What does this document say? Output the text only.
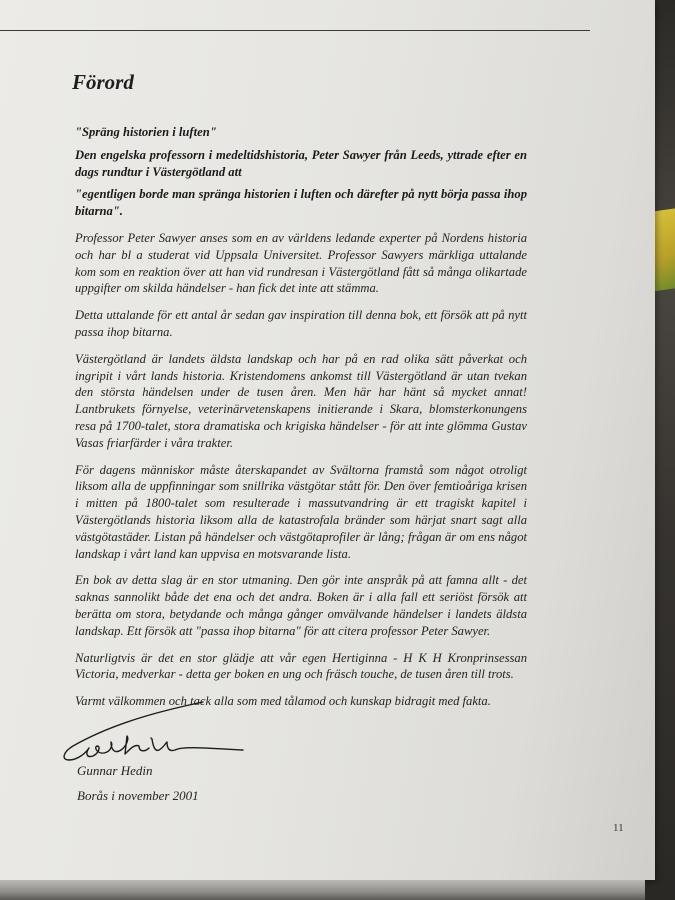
Förord

"Spräng historien i luften"

Den engelska professorn i medeltidshistoria, Peter Sawyer från Leeds, yttrade efter en dags rundtur i Västergötland att

"egentligen borde man spränga historien i luften och därefter på nytt börja passa ihop bitarna".

Professor Peter Sawyer anses som en av världens ledande experter på Nordens historia och har bl a studerat vid Uppsala Universitet. Professor Sawyers märkliga uttalande kom som en reaktion över att han vid rundresan i Västergötland fått så många olikartade uppgifter om skilda händelser - han fick det inte att stämma.

Detta uttalande för ett antal år sedan gav inspiration till denna bok, ett försök att på nytt passa ihop bitarna.

Västergötland är landets äldsta landskap och har på en rad olika sätt påverkat och ingripit i vårt lands historia. Kristendomens ankomst till Västergötland är utan tvekan den största händelsen under de tusen åren. Men här har hänt så mycket annat! Lantbrukets förnyelse, veterinärvetenskapens initierande i Skara, blomsterkonungens resa på 1700-talet, stora dramatiska och krigiska händelser - för att inte glömma Gustav Vasas friarfärder i våra trakter.

För dagens människor måste återskapandet av Svältorna framstå som något otroligt liksom alla de uppfinningar som snillrika västgötar stått för. Den över femtioåriga krisen i mitten på 1800-talet som resulterade i massutvandring är ett tragiskt kapitel i Västergötlands historia liksom alla de katastrofala bränder som härjat snart sagt alla västgötastäder. Listan på händelser och västgötaprofiler är lång; frågan är om ens något landskap i vårt land kan uppvisa en motsvarande lista.

En bok av detta slag är en stor utmaning. Den gör inte anspråk på att famna allt - det saknas sannolikt både det ena och det andra. Boken är i alla fall ett seriöst försök att berätta om stora, betydande och många gånger omvälvande händelser i landets äldsta landskap. Ett försök att "passa ihop bitarna" för att citera professor Peter Sawyer.

Naturligtvis är det en stor glädje att vår egen Hertiginna - H K H Kronprinsessan Victoria, medverkar - detta ger boken en ung och fräsch touche, de tusen åren till trots.

Varmt välkommen och tack alla som med tålamod och kunskap bidragit med fakta.

Gunnar Hedin
Borås i november 2001
11
